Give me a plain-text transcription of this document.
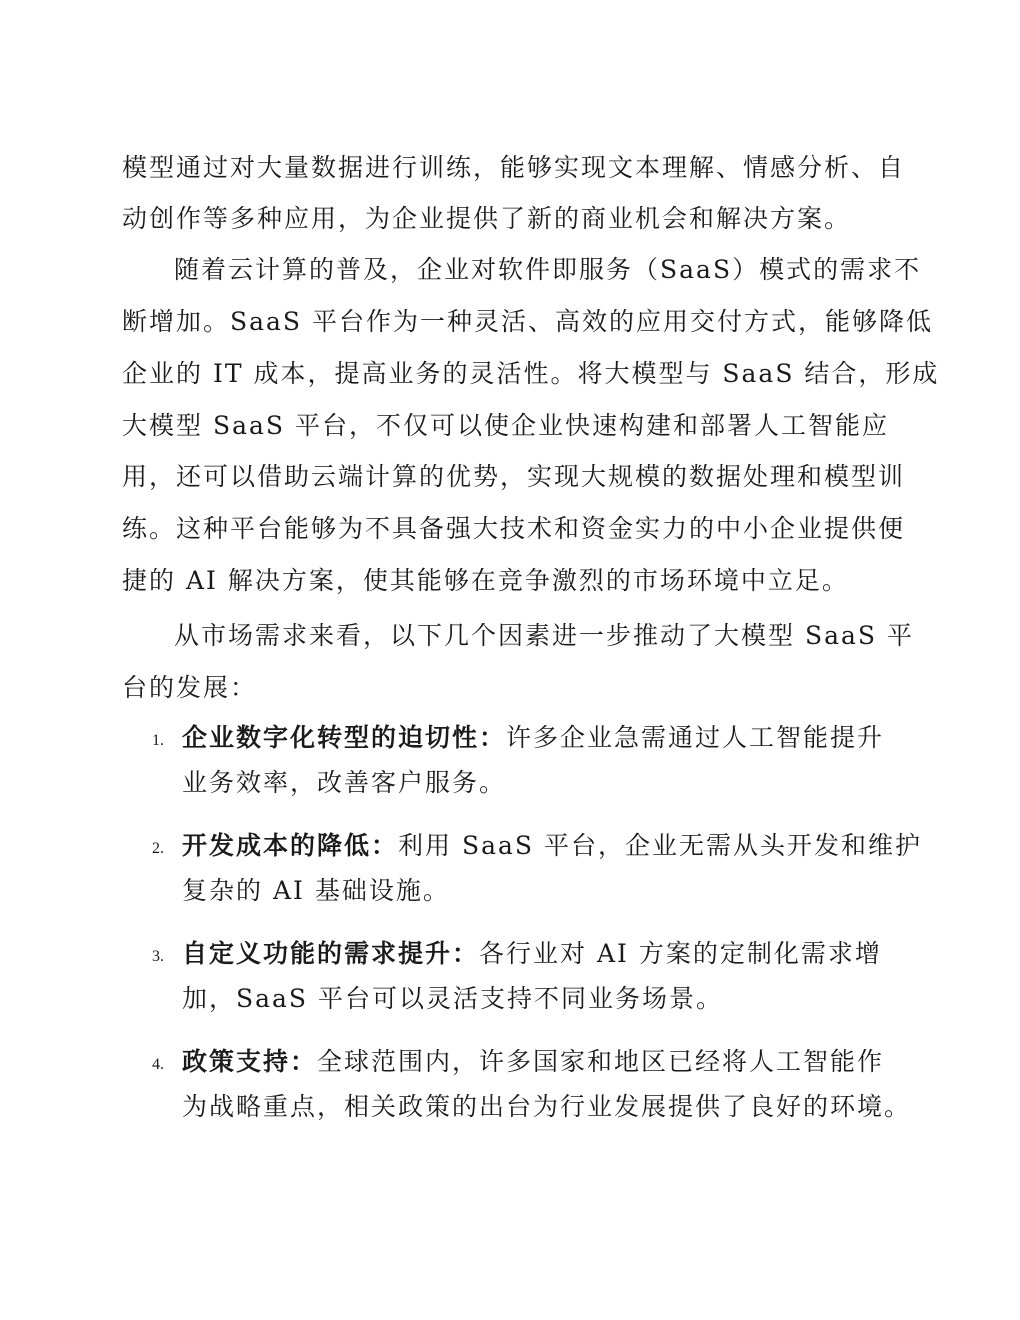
模型通过对大量数据进行训练，能够实现文本理解、情感分析、自
动创作等多种应用，为企业提供了新的商业机会和解决方案。
随着云计算的普及，企业对软件即服务（SaaS）模式的需求不
断增加。SaaS 平台作为一种灵活、高效的应用交付方式，能够降低
企业的 IT 成本，提高业务的灵活性。将大模型与 SaaS 结合，形成
大模型 SaaS 平台，不仅可以使企业快速构建和部署人工智能应
用，还可以借助云端计算的优势，实现大规模的数据处理和模型训
练。这种平台能够为不具备强大技术和资金实力的中小企业提供便
捷的 AI 解决方案，使其能够在竞争激烈的市场环境中立足。
从市场需求来看，以下几个因素进一步推动了大模型 SaaS 平
台的发展：
1. 企业数字化转型的迫切性：许多企业急需通过人工智能提升
业务效率，改善客户服务。
2. 开发成本的降低：利用 SaaS 平台，企业无需从头开发和维护
复杂的 AI 基础设施。
3. 自定义功能的需求提升：各行业对 AI 方案的定制化需求增
加，SaaS 平台可以灵活支持不同业务场景。
4. 政策支持：全球范围内，许多国家和地区已经将人工智能作
为战略重点，相关政策的出台为行业发展提供了良好的环境。
